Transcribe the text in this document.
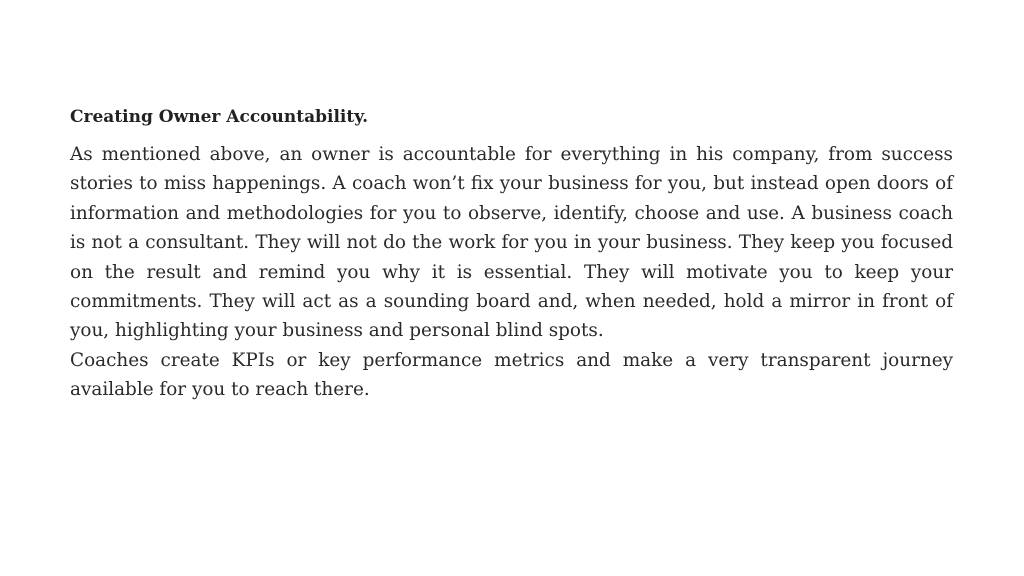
Creating Owner Accountability.

As mentioned above, an owner is accountable for everything in his company, from success stories to miss happenings. A coach won’t fix your business for you, but instead open doors of information and methodologies for you to observe, identify, choose and use. A business coach is not a consultant. They will not do the work for you in your business. They keep you focused on the result and remind you why it is essential. They will motivate you to keep your commitments. They will act as a sounding board and, when needed, hold a mirror in front of you, highlighting your business and personal blind spots.

Coaches create KPIs or key performance metrics and make a very transparent journey available for you to reach there.
